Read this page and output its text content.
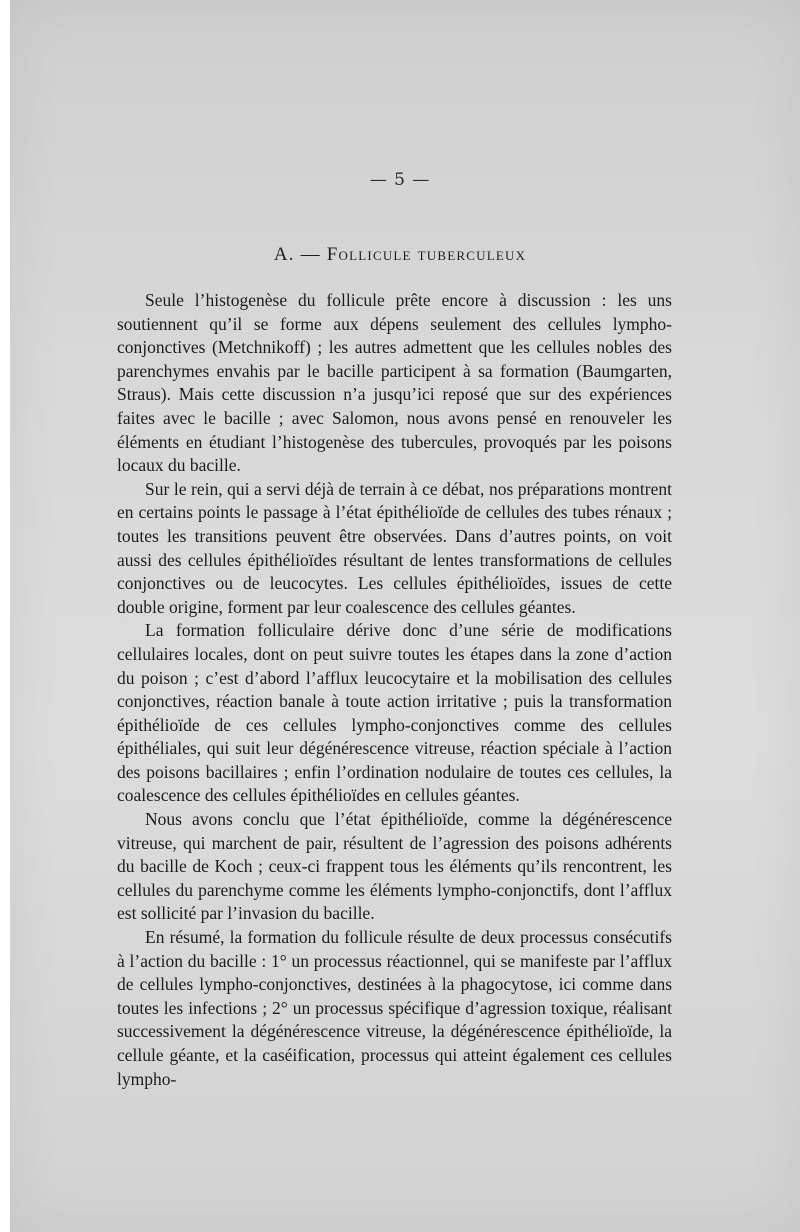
— 5 —
A. — Follicule tuberculeux

Seule l’histogenèse du follicule prête encore à discussion : les uns soutiennent qu’il se forme aux dépens seulement des cellules lympho-conjonctives (Metchnikoff) ; les autres admettent que les cellules nobles des parenchymes envahis par le bacille participent à sa formation (Baumgarten, Straus). Mais cette discussion n’a jusqu’ici reposé que sur des expériences faites avec le bacille ; avec Salomon, nous avons pensé en renouveler les éléments en étudiant l’histogenèse des tubercules, provoqués par les poisons locaux du bacille.

Sur le rein, qui a servi déjà de terrain à ce débat, nos préparations montrent en certains points le passage à l’état épithélioïde de cellules des tubes rénaux ; toutes les transitions peuvent être observées. Dans d’autres points, on voit aussi des cellules épithélioïdes résultant de lentes transformations de cellules conjonctives ou de leucocytes. Les cellules épithélioïdes, issues de cette double origine, forment par leur coalescence des cellules géantes.

La formation folliculaire dérive donc d’une série de modifications cellulaires locales, dont on peut suivre toutes les étapes dans la zone d’action du poison ; c’est d’abord l’afflux leucocytaire et la mobilisation des cellules conjonctives, réaction banale à toute action irritative ; puis la transformation épithélioïde de ces cellules lympho-conjonctives comme des cellules épithéliales, qui suit leur dégénérescence vitreuse, réaction spéciale à l’action des poisons bacillaires ; enfin l’ordination nodulaire de toutes ces cellules, la coalescence des cellules épithélioïdes en cellules géantes.

Nous avons conclu que l’état épithélioïde, comme la dégénérescence vitreuse, qui marchent de pair, résultent de l’agression des poisons adhérents du bacille de Koch ; ceux-ci frappent tous les éléments qu’ils rencontrent, les cellules du parenchyme comme les éléments lympho-conjonctifs, dont l’afflux est sollicité par l’invasion du bacille.

En résumé, la formation du follicule résulte de deux processus consécutifs à l’action du bacille : 1° un processus réactionnel, qui se manifeste par l’afflux de cellules lympho-conjonctives, destinées à la phagocytose, ici comme dans toutes les infections ; 2° un processus spécifique d’agression toxique, réalisant successivement la dégénérescence vitreuse, la dégénérescence épithélioïde, la cellule géante, et la caséification, processus qui atteint également ces cellules lympho-
